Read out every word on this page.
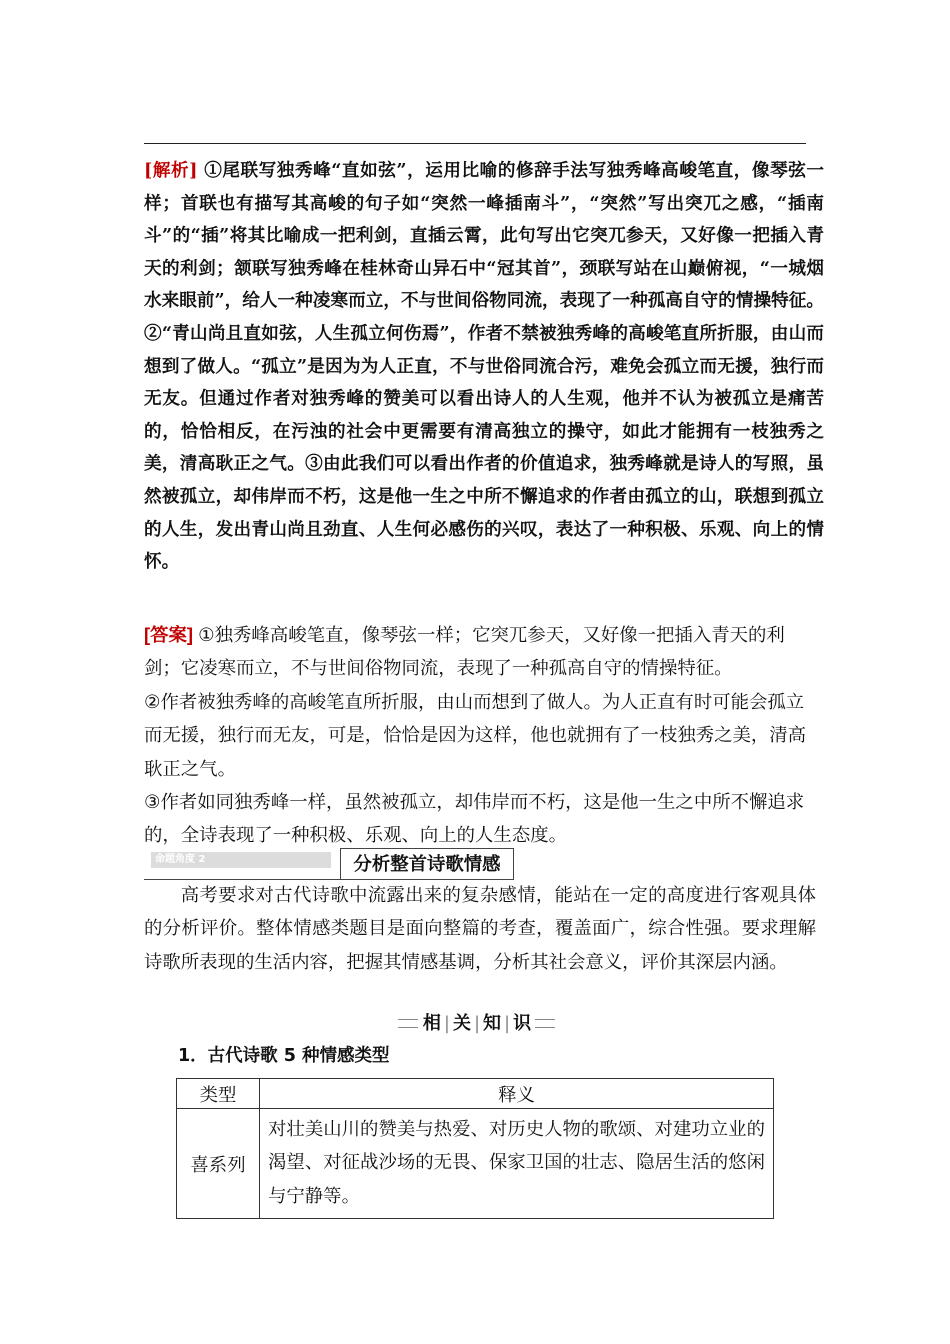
[解析] ①尾联写独秀峰“直如弦”，运用比喻的修辞手法写独秀峰高峻笔直，像琴弦一样；首联也有描写其高峻的句子如“突然一峰插南斗”，“突然”写出突兀之感，“插南斗”的“插”将其比喻成一把利剑，直插云霄，此句写出它突兀参天，又好像一把插入青天的利剑；颔联写独秀峰在桂林奇山异石中“冠其首”，颈联写站在山巅俯视，“一城烟水来眼前”，给人一种凌寒而立，不与世间俗物同流，表现了一种孤高自守的情操特征。②“青山尚且直如弦，人生孤立何伤焉”，作者不禁被独秀峰的高峻笔直所折服，由山而想到了做人。“孤立”是因为为人正直，不与世俗同流合污，难免会孤立而无援，独行而无友。但通过作者对独秀峰的赞美可以看出诗人的人生观，他并不认为被孤立是痛苦的，恰恰相反，在污浊的社会中更需要有清高独立的操守，如此才能拥有一枝独秀之美，清高耿正之气。③由此我们可以看出作者的价值追求，独秀峰就是诗人的写照，虽然被孤立，却伟岸而不朽，这是他一生之中所不懈追求的作者由孤立的山，联想到孤立的人生，发出青山尚且劲直、人生何必感伤的兴叹，表达了一种积极、乐观、向上的情怀。

[答案] ①独秀峰高峻笔直，像琴弦一样；它突兀参天，又好像一把插入青天的利剑；它凌寒而立，不与世间俗物同流，表现了一种孤高自守的情操特征。

②作者被独秀峰的高峻笔直所折服，由山而想到了做人。为人正直有时可能会孤立而无援，独行而无友，可是，恰恰是因为这样，他也就拥有了一枝独秀之美，清高耿正之气。

③作者如同独秀峰一样，虽然被孤立，却伟岸而不朽，这是他一生之中所不懈追求的，全诗表现了一种积极、乐观、向上的人生态度。

命题角度 2	分析整首诗歌情感

高考要求对古代诗歌中流露出来的复杂感情，能站在一定的高度进行客观具体的分析评价。整体情感类题目是面向整篇的考查，覆盖面广，综合性强。要求理解诗歌所表现的生活内容，把握其情感基调，分析其社会意义，评价其深层内涵。

相 | 关 | 知 | 识
1．古代诗歌 5 种情感类型
类型	释义
喜系列	对壮美山川的赞美与热爱、对历史人物的歌颂、对建功立业的渴望、对征战沙场的无畏、保家卫国的壮志、隐居生活的悠闲与宁静等。
